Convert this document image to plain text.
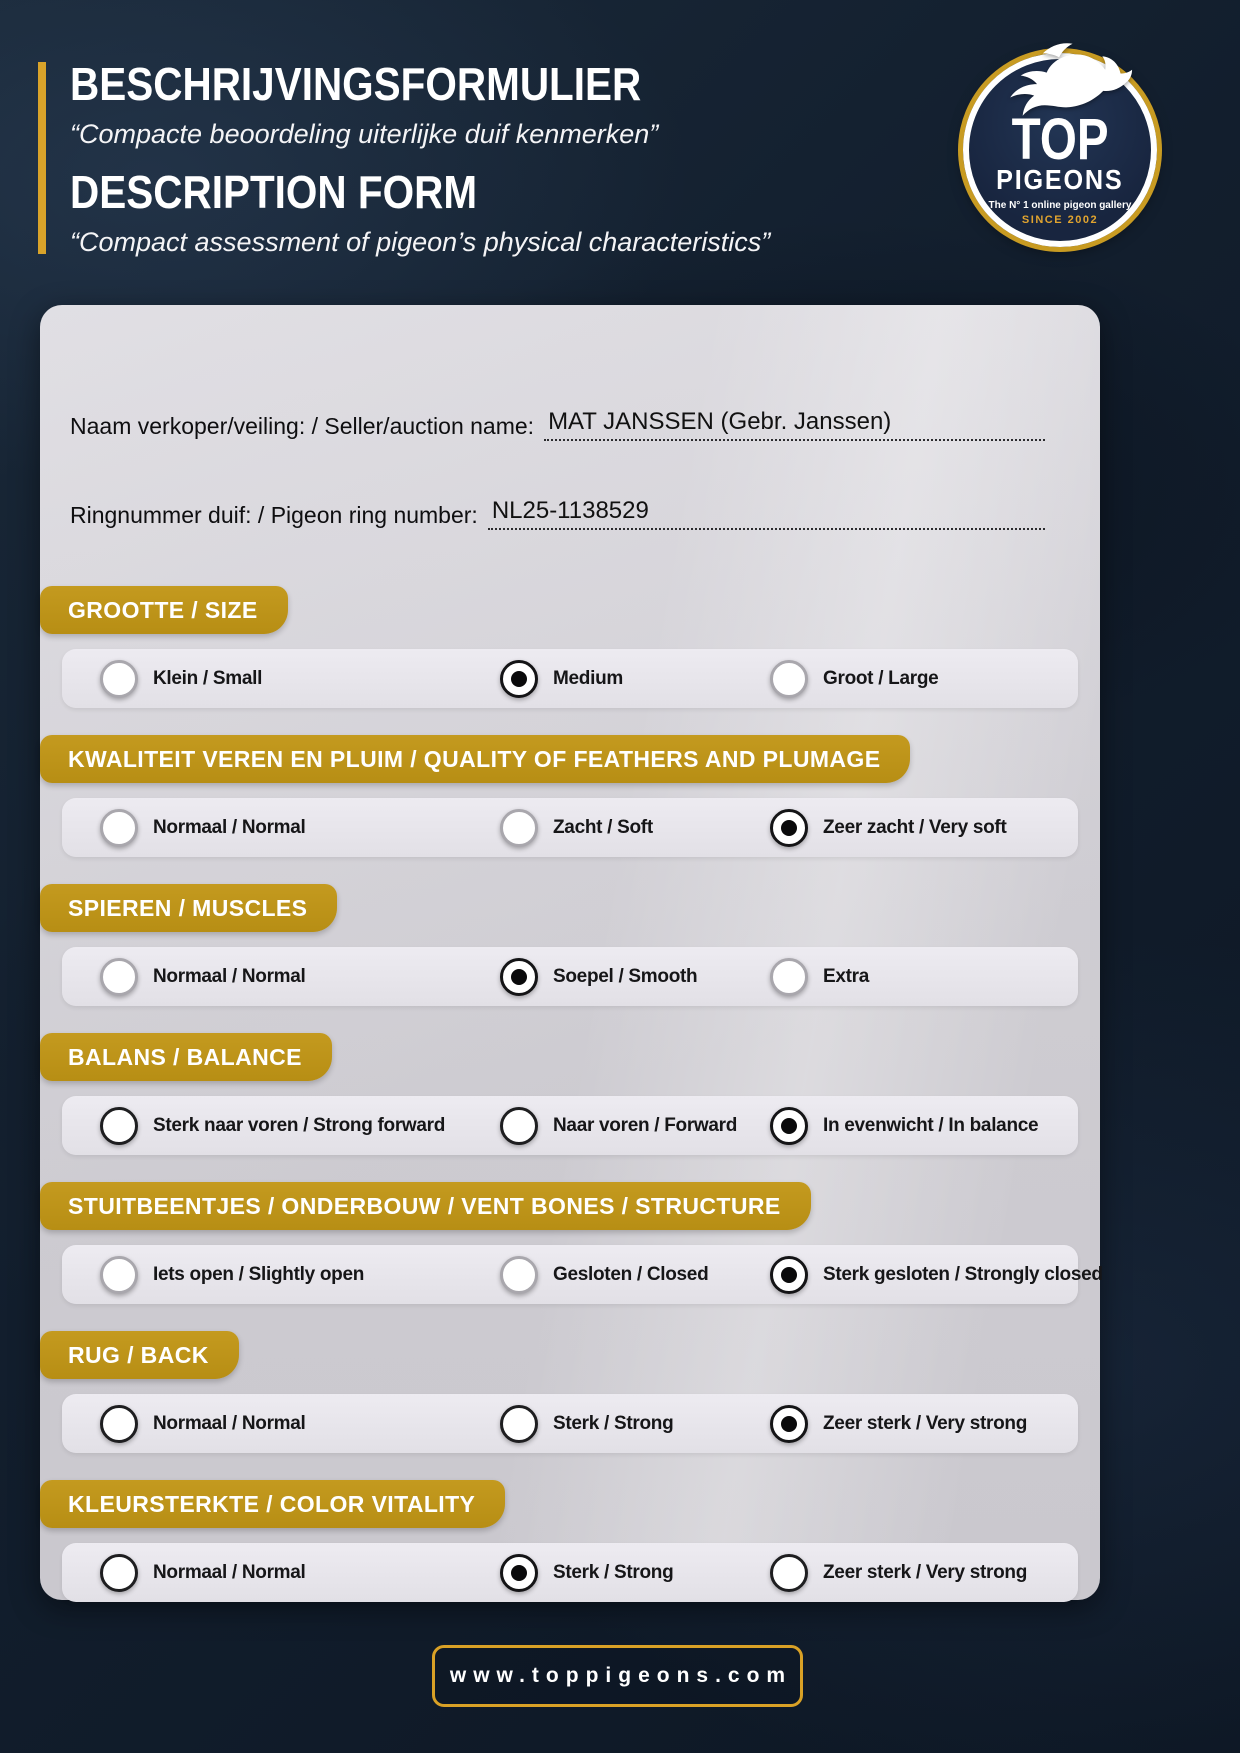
BESCHRIJVINGSFORMULIER

“Compacte beoordeling uiterlijke duif kenmerken”

DESCRIPTION FORM

“Compact assessment of pigeon’s physical characteristics”

TOP
PIGEONS
The N° 1 online pigeon gallery
SINCE 2002
Naam verkoper/veiling: / Seller/auction name: MAT JANSSEN (Gebr. Janssen)
Ringnummer duif: / Pigeon ring number: NL25-1138529
GROOTTE / SIZE
Klein / Small	Medium	Groot / Large
KWALITEIT VEREN EN PLUIM / QUALITY OF FEATHERS AND PLUMAGE
Normaal / Normal	Zacht / Soft	Zeer zacht / Very soft
SPIEREN / MUSCLES
Normaal / Normal	Soepel / Smooth	Extra
BALANS / BALANCE
Sterk naar voren / Strong forward	Naar voren / Forward	In evenwicht / In balance
STUITBEENTJES / ONDERBOUW / VENT BONES / STRUCTURE
Iets open / Slightly open	Gesloten / Closed	Sterk gesloten / Strongly closed
RUG / BACK
Normaal / Normal	Sterk / Strong	Zeer sterk / Very strong
KLEURSTERKTE / COLOR VITALITY
Normaal / Normal	Sterk / Strong	Zeer sterk / Very strong
www.toppigeons.com
